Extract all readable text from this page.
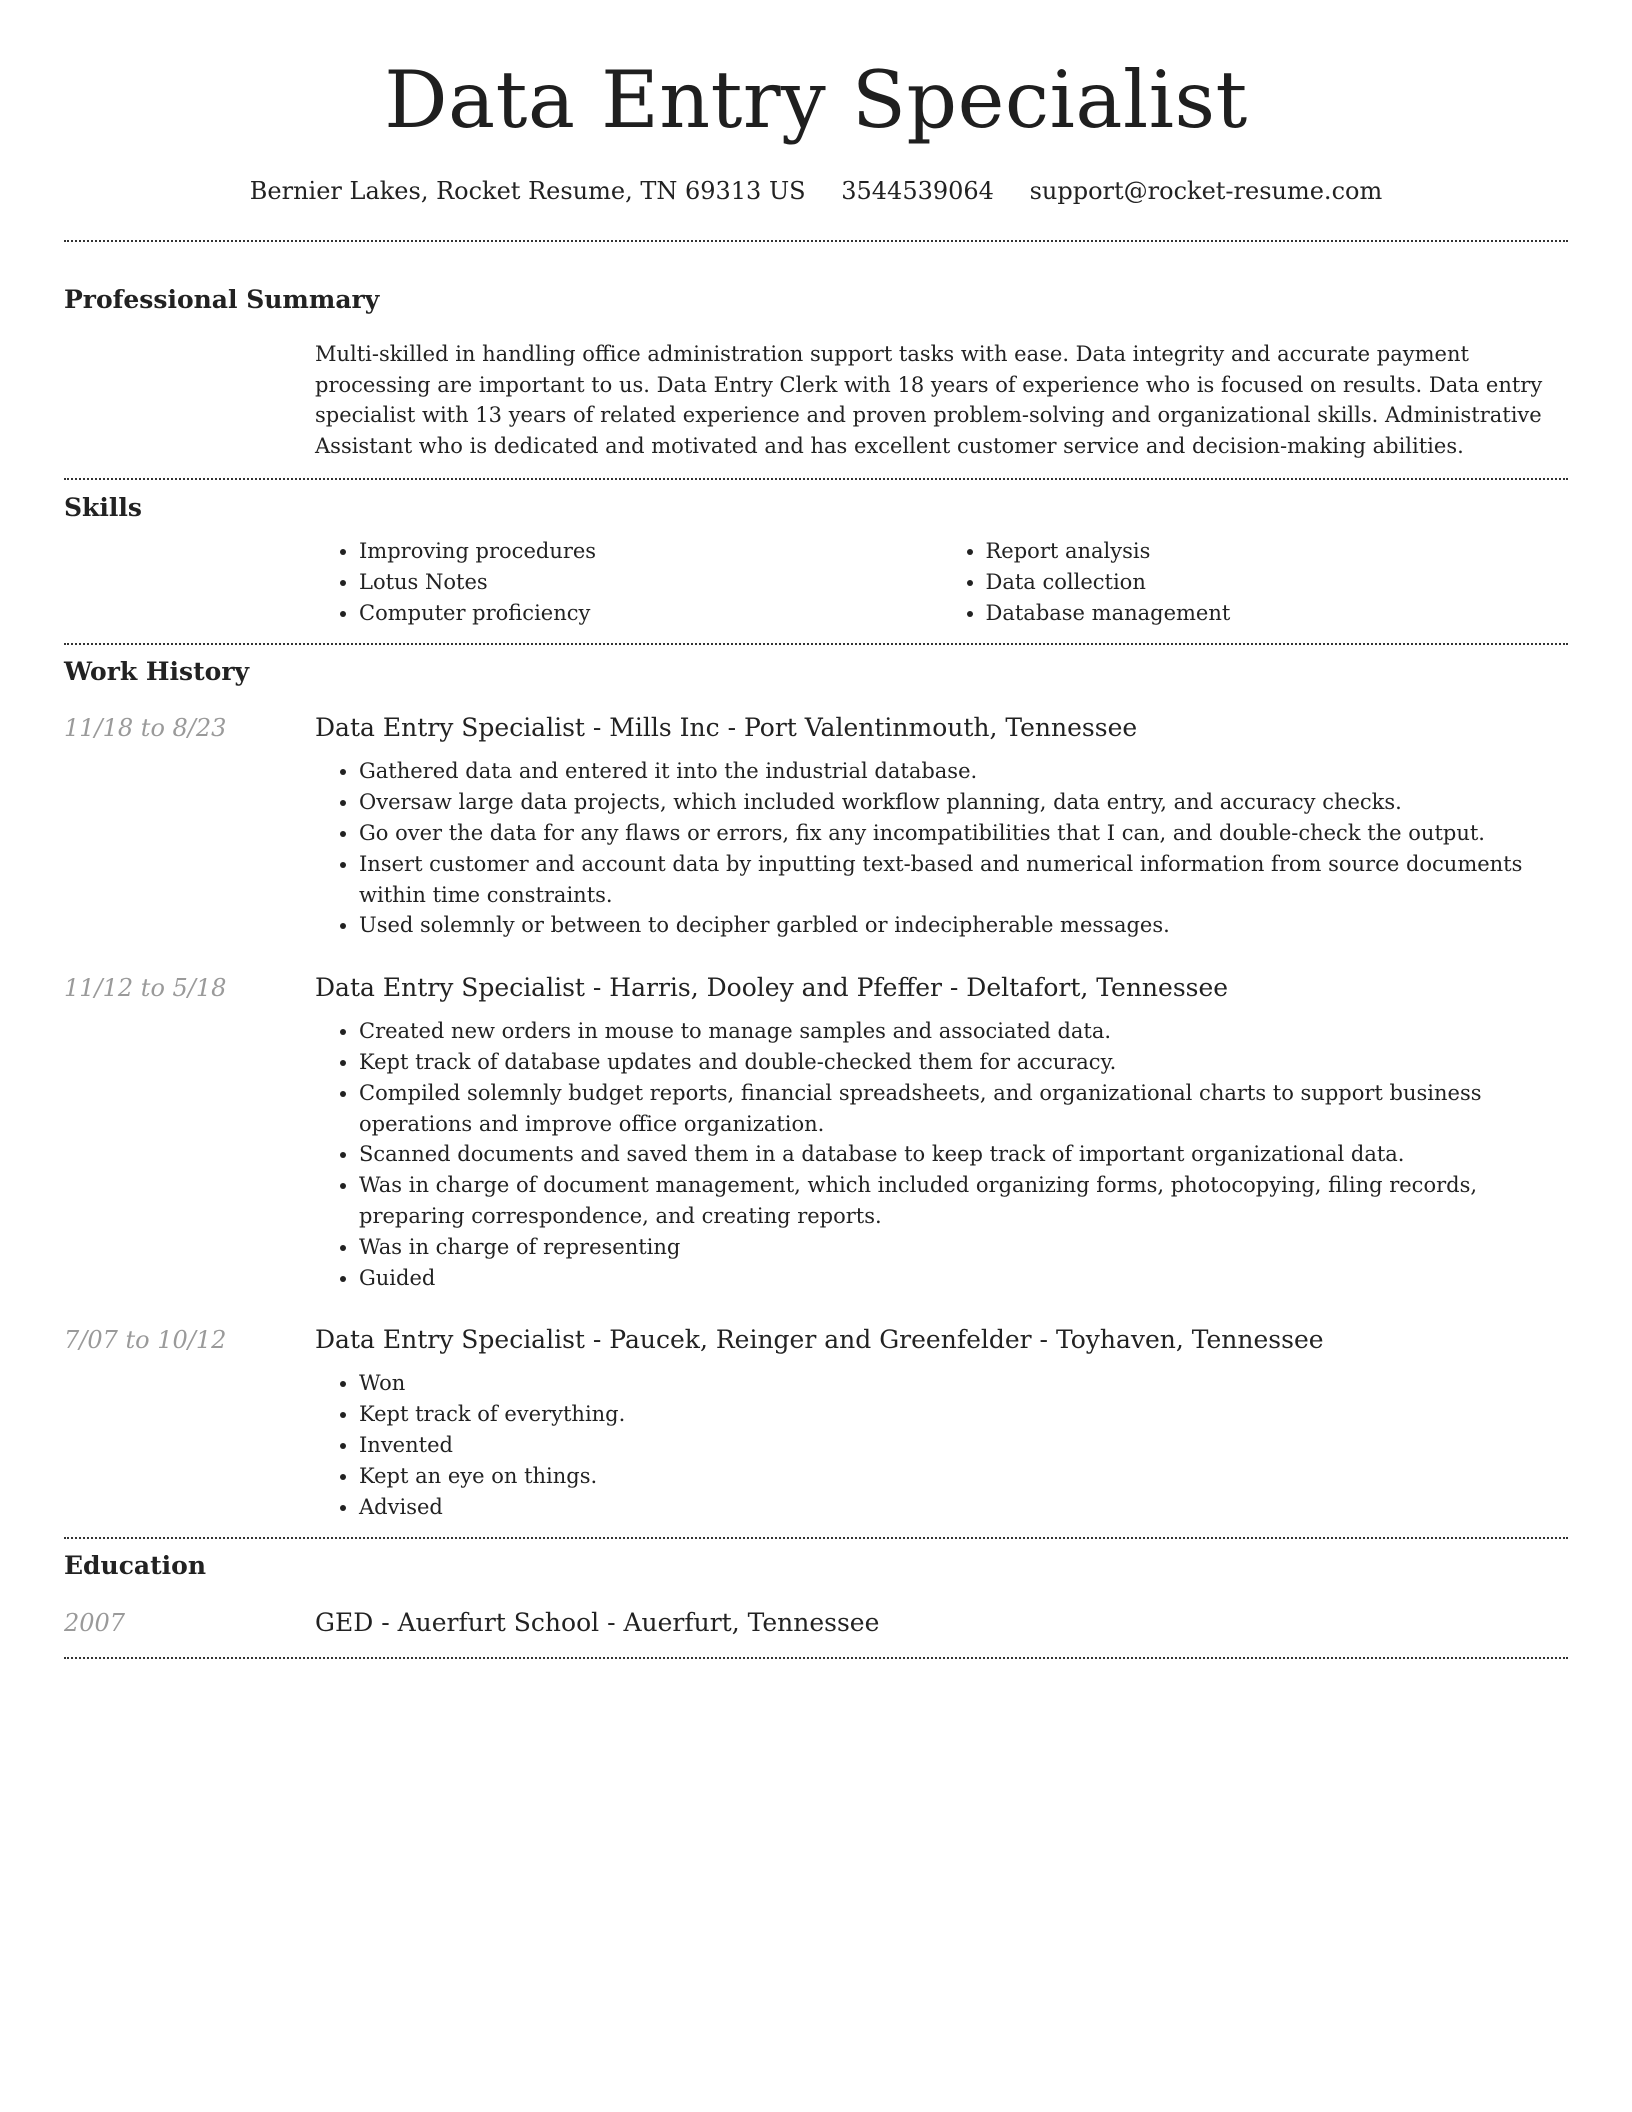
Data Entry Specialist
Bernier Lakes, Rocket Resume, TN 69313 US 3544539064 support@rocket-resume.com
Professional Summary
Multi-skilled in handling office administration support tasks with ease. Data integrity and accurate payment processing are important to us. Data Entry Clerk with 18 years of experience who is focused on results. Data entry specialist with 13 years of related experience and proven problem-solving and organizational skills. Administrative Assistant who is dedicated and motivated and has excellent customer service and decision-making abilities.
Skills
• Improving procedures
• Lotus Notes
• Computer proficiency
• Report analysis
• Data collection
• Database management
Work History
11/18 to 8/23	Data Entry Specialist - Mills Inc - Port Valentinmouth, Tennessee
• Gathered data and entered it into the industrial database.
• Oversaw large data projects, which included workflow planning, data entry, and accuracy checks.
• Go over the data for any flaws or errors, fix any incompatibilities that I can, and double-check the output.
• Insert customer and account data by inputting text-based and numerical information from source documents within time constraints.
• Used solemnly or between to decipher garbled or indecipherable messages.
11/12 to 5/18	Data Entry Specialist - Harris, Dooley and Pfeffer - Deltafort, Tennessee
• Created new orders in mouse to manage samples and associated data.
• Kept track of database updates and double-checked them for accuracy.
• Compiled solemnly budget reports, financial spreadsheets, and organizational charts to support business operations and improve office organization.
• Scanned documents and saved them in a database to keep track of important organizational data.
• Was in charge of document management, which included organizing forms, photocopying, filing records, preparing correspondence, and creating reports.
• Was in charge of representing
• Guided
7/07 to 10/12	Data Entry Specialist - Paucek, Reinger and Greenfelder - Toyhaven, Tennessee
• Won
• Kept track of everything.
• Invented
• Kept an eye on things.
• Advised
Education
2007	GED - Auerfurt School - Auerfurt, Tennessee
